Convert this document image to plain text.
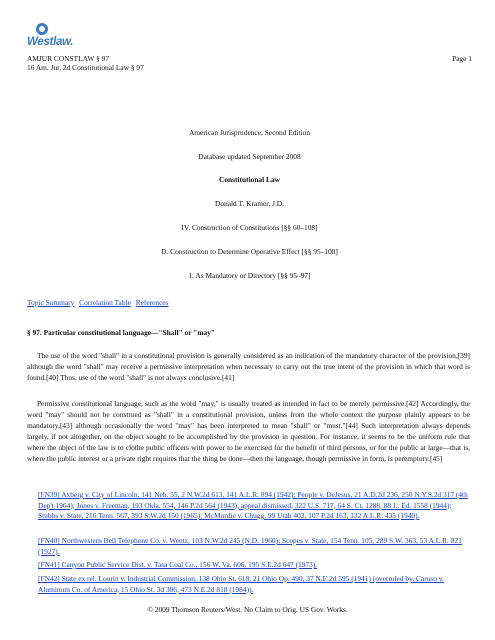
Westlaw.
AMJUR CONSTLAW § 97
16 Am. Jur. 2d Constitutional Law § 97
Page 1
American Jurisprudence, Second Edition
Database updated September 2008
Constitutional Law
Donald T. Kramer, J.D.
IV. Construction of Constitutions [§§ 60–108]
D. Construction to Determine Operative Effect [§§ 95–108]
1. As Mandatory or Directory [§§ 95–97]
Topic Summary Correlation Table References
§ 97. Particular constitutional language—"Shall" or "may"

The use of the word "shall" in a constitutional provision is generally considered as an indication of the mandatory character of the provision,[39] although the word "shall" may receive a permissive interpretation when necessary to carry out the true intent of the provision in which that word is found.[40] Thus, use of the word "shall" is not always conclusive.[41]

Permissive constitutional language, such as the word "may," is usually treated as intended in fact to be merely permissive.[42] Accordingly, the word "may" should not be construed as "shall" in a constitutional provision, unless from the whole context the purpose plainly appears to be mandatory,[43] although occasionally the word "may" has been interpreted to mean "shall" or "must."[44] Such interpretation always depends largely, if not altogether, on the object sought to be accomplished by the provision in question. For instance, it seems to be the uniform rule that where the object of the law is to clothe public officers with power to be exercised for the benefit of third persons, or for the public at large—that is, where the public interest or a private right requires that the thing be done—then the language, though permissive in form, is peremptory.[45]

[FN39] Axberg v. City of Lincoln, 141 Neb. 55, 2 N.W.2d 613, 141 A.L.R. 894 (1942); People v. DeJesus, 21 A.D.2d 236, 250 N.Y.S.2d 317 (4th Dep't 1964); Jones v. Freeman, 193 Okla. 554, 146 P.2d 564 (1943), appeal dismissed, 322 U.S. 717, 64 S. Ct. 1288, 88 L. Ed. 1558 (1944); Stubbs v. State, 216 Tenn. 567, 393 S.W.2d 150 (1965); McMurdie v. Chugg, 99 Utah 403, 107 P.2d 163, 132 A.L.R. 435 (1940).
[FN40] Northwestern Bell Telephone Co. v. Wentz, 103 N.W.2d 245 (N.D. 1960); Scopes v. State, 154 Tenn. 105, 289 S.W. 363, 53 A.L.R. 821 (1927).
[FN41] Canyon Public Service Dist. v. Tasa Coal Co., 156 W. Va. 606, 195 S.E.2d 647 (1973).
[FN42] State ex rel. Lourin v. Industrial Commission, 138 Ohio St. 618, 21 Ohio Op. 490, 37 N.E.2d 595 (1941) (overruled by, Caruso v. Aluminum Co. of America, 15 Ohio St. 3d 306, 473 N.E.2d 818 (1984)).
© 2009 Thomson Reuters/West. No Claim to Orig. US Gov. Works.
